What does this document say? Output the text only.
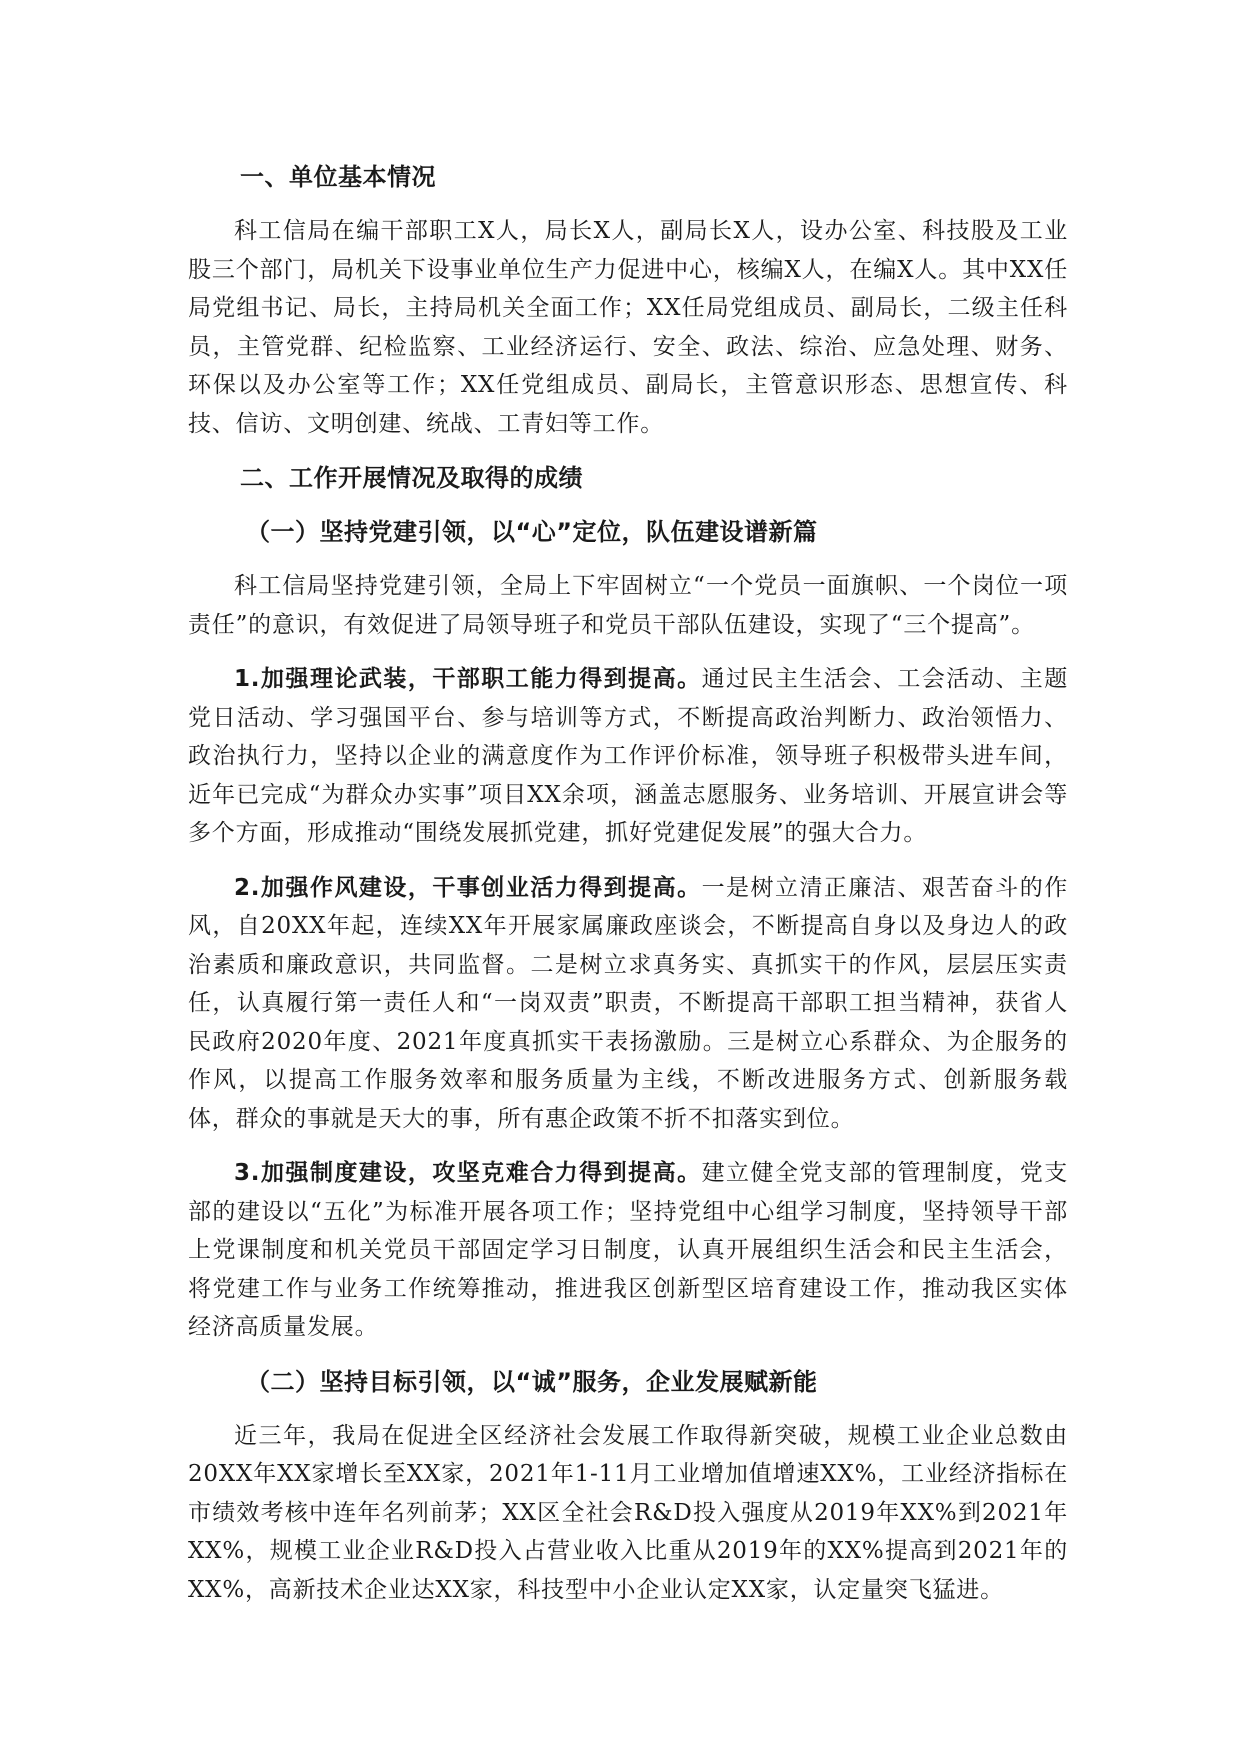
一、单位基本情况

科工信局在编干部职工X人，局长X人，副局长X人，设办公室、科技股及工业股三个部门，局机关下设事业单位生产力促进中心，核编X人，在编X人。其中XX任局党组书记、局长，主持局机关全面工作；XX任局党组成员、副局长，二级主任科员，主管党群、纪检监察、工业经济运行、安全、政法、综治、应急处理、财务、环保以及办公室等工作；XX任党组成员、副局长，主管意识形态、思想宣传、科技、信访、文明创建、统战、工青妇等工作。

二、工作开展情况及取得的成绩
（一）坚持党建引领，以“心”定位，队伍建设谱新篇

科工信局坚持党建引领，全局上下牢固树立“一个党员一面旗帜、一个岗位一项责任”的意识，有效促进了局领导班子和党员干部队伍建设，实现了“三个提高”。

1.加强理论武装，干部职工能力得到提高。通过民主生活会、工会活动、主题党日活动、学习强国平台、参与培训等方式，不断提高政治判断力、政治领悟力、政治执行力，坚持以企业的满意度作为工作评价标准，领导班子积极带头进车间，近年已完成“为群众办实事”项目XX余项，涵盖志愿服务、业务培训、开展宣讲会等多个方面，形成推动“围绕发展抓党建，抓好党建促发展”的强大合力。

2.加强作风建设，干事创业活力得到提高。一是树立清正廉洁、艰苦奋斗的作风，自20XX年起，连续XX年开展家属廉政座谈会，不断提高自身以及身边人的政治素质和廉政意识，共同监督。二是树立求真务实、真抓实干的作风，层层压实责任，认真履行第一责任人和“一岗双责”职责，不断提高干部职工担当精神，获省人民政府2020年度、2021年度真抓实干表扬激励。三是树立心系群众、为企服务的作风，以提高工作服务效率和服务质量为主线，不断改进服务方式、创新服务载体，群众的事就是天大的事，所有惠企政策不折不扣落实到位。

3.加强制度建设，攻坚克难合力得到提高。建立健全党支部的管理制度，党支部的建设以“五化”为标准开展各项工作；坚持党组中心组学习制度，坚持领导干部上党课制度和机关党员干部固定学习日制度，认真开展组织生活会和民主生活会，将党建工作与业务工作统筹推动，推进我区创新型区培育建设工作，推动我区实体经济高质量发展。

（二）坚持目标引领，以“诚”服务，企业发展赋新能

近三年，我局在促进全区经济社会发展工作取得新突破，规模工业企业总数由20XX年XX家增长至XX家，2021年1-11月工业增加值增速XX%，工业经济指标在市绩效考核中连年名列前茅；XX区全社会R&D投入强度从2019年XX%到2021年XX%，规模工业企业R&D投入占营业收入比重从2019年的XX%提高到2021年的XX%，高新技术企业达XX家，科技型中小企业认定XX家，认定量突飞猛进。
